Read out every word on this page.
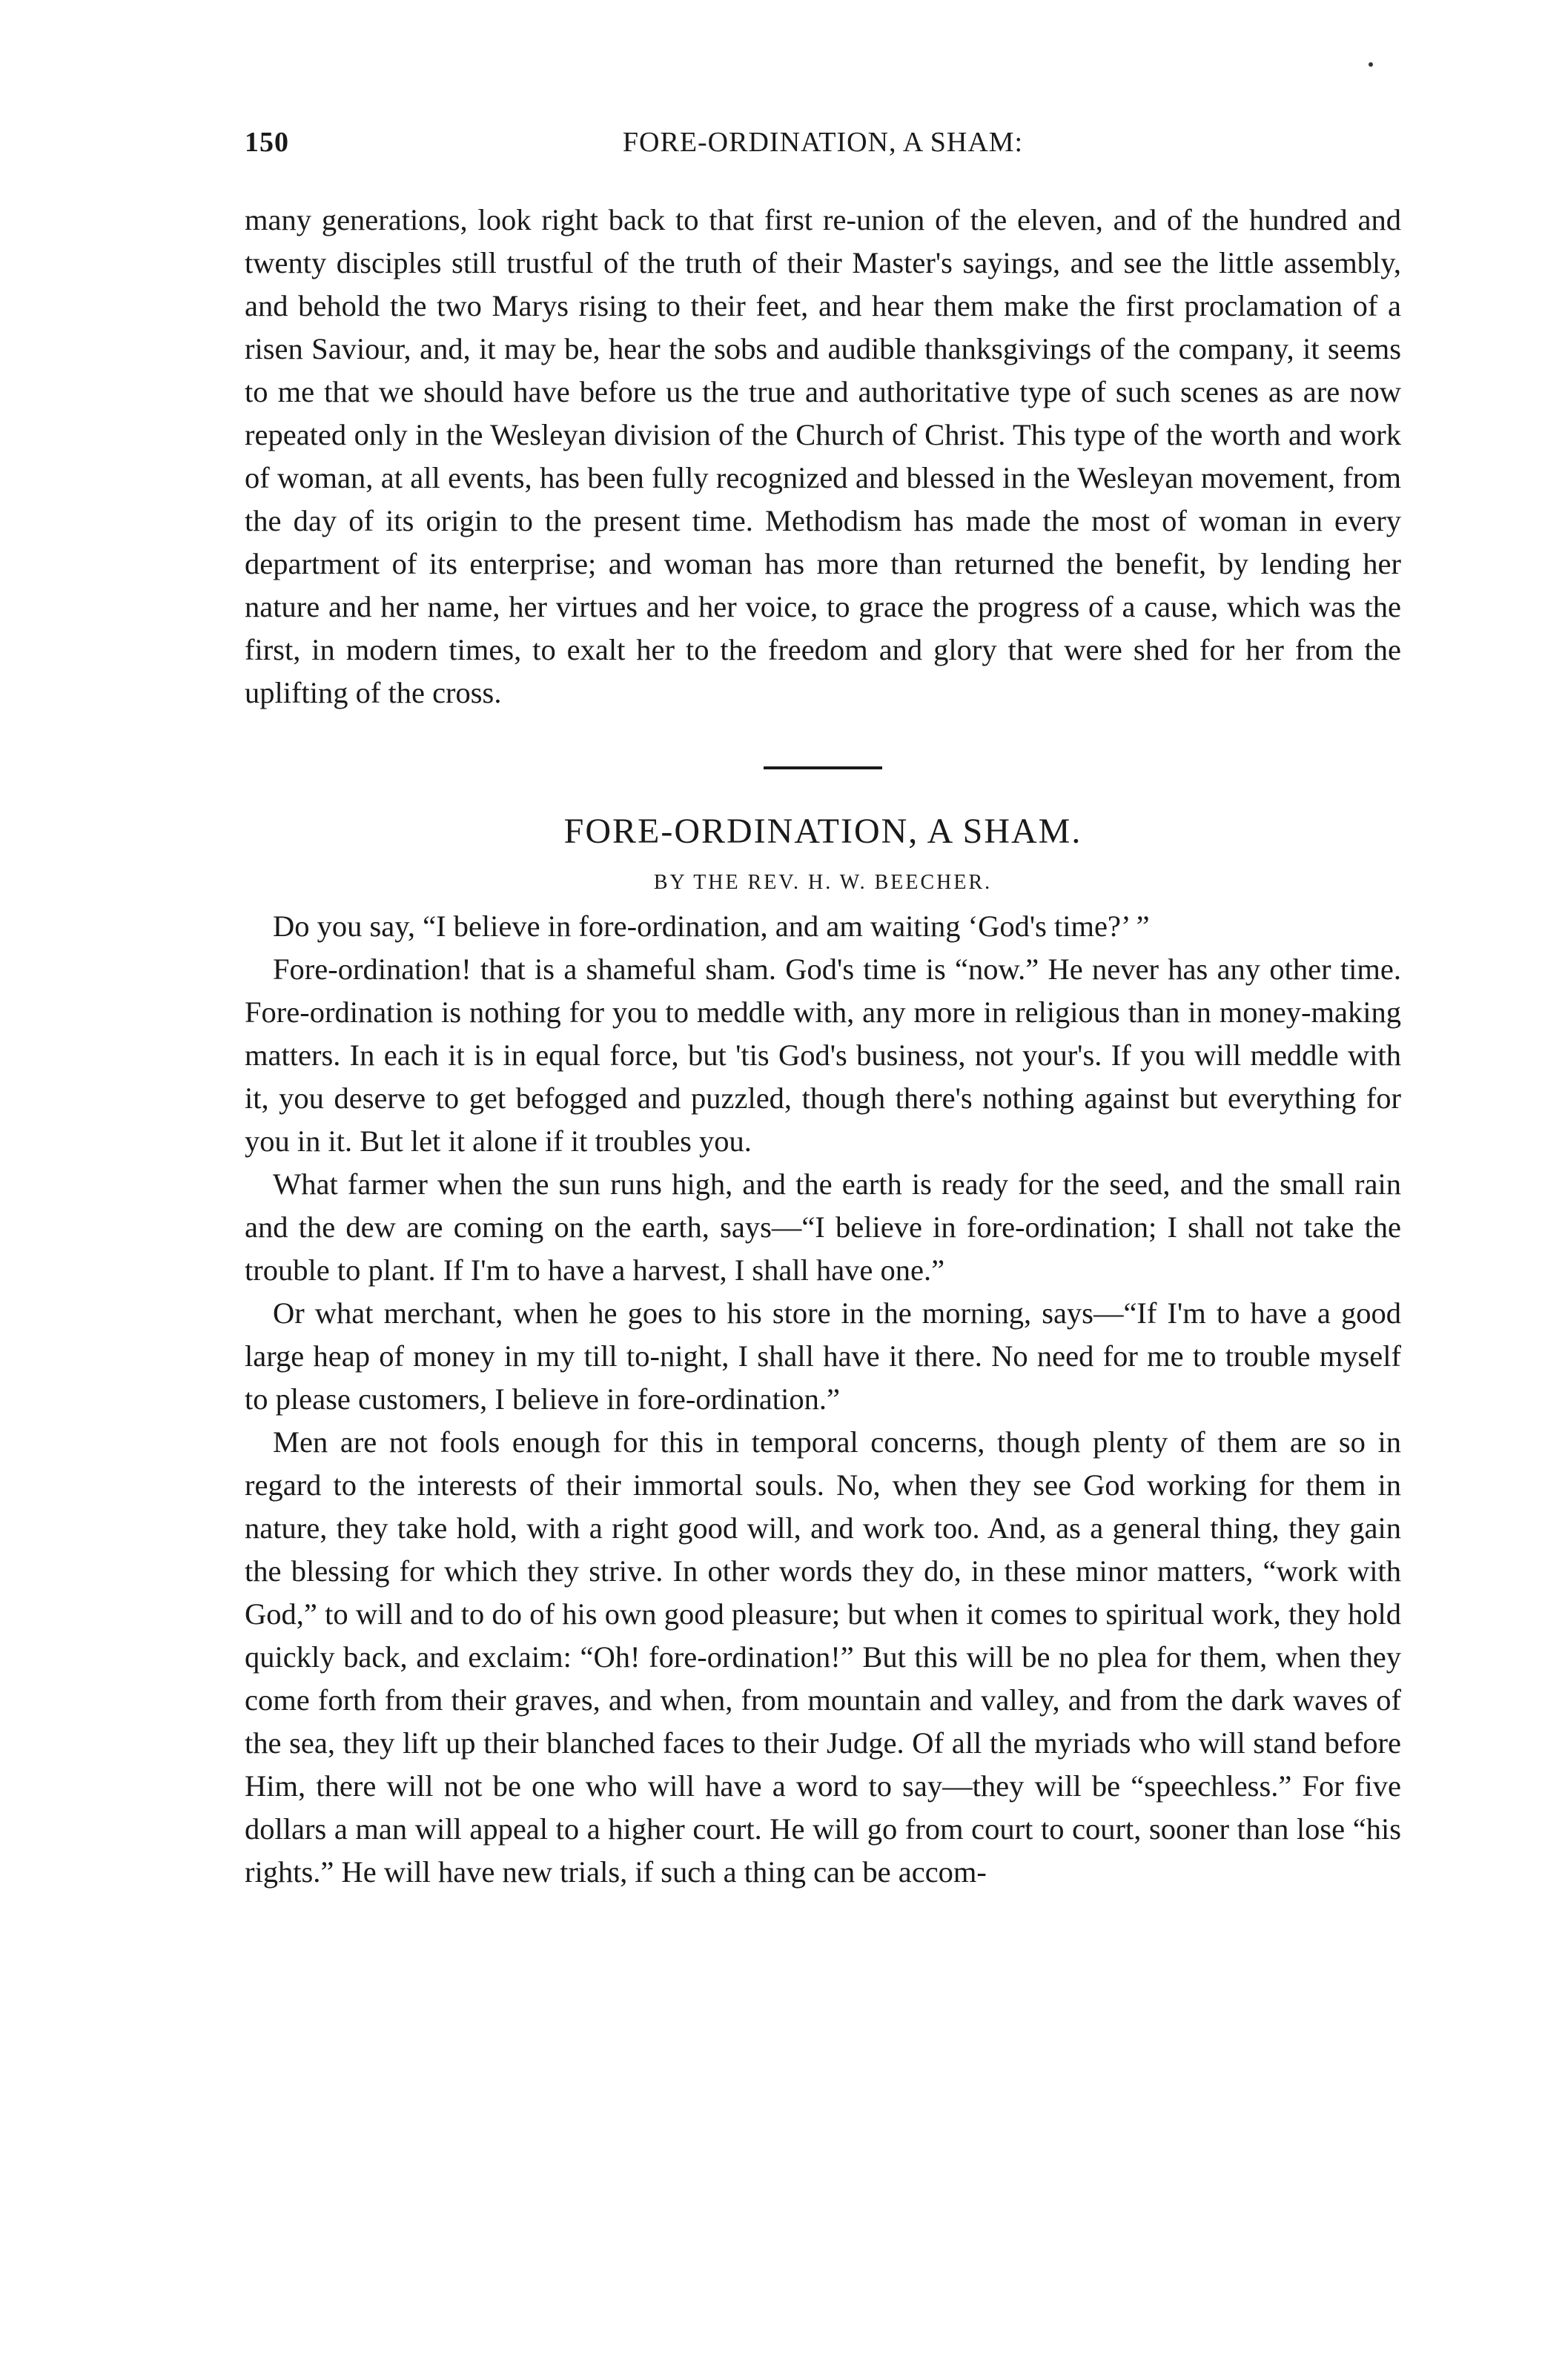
150	FORE-ORDINATION, A SHAM:

many generations, look right back to that first re-union of the eleven, and of the hundred and twenty disciples still trustful of the truth of their Master's sayings, and see the little assembly, and behold the two Marys rising to their feet, and hear them make the first proclamation of a risen Saviour, and, it may be, hear the sobs and audible thanksgivings of the company, it seems to me that we should have before us the true and authoritative type of such scenes as are now repeated only in the Wesleyan division of the Church of Christ. This type of the worth and work of woman, at all events, has been fully recognized and blessed in the Wesleyan movement, from the day of its origin to the present time. Methodism has made the most of woman in every department of its enterprise; and woman has more than returned the benefit, by lending her nature and her name, her virtues and her voice, to grace the progress of a cause, which was the first, in modern times, to exalt her to the freedom and glory that were shed for her from the uplifting of the cross.

FORE-ORDINATION, A SHAM.
BY THE REV. H. W. BEECHER.

Do you say, “I believe in fore-ordination, and am waiting ‘God's time?’ ”

Fore-ordination! that is a shameful sham. God's time is “now.” He never has any other time. Fore-ordination is nothing for you to meddle with, any more in religious than in money-making matters. In each it is in equal force, but 'tis God's business, not your's. If you will meddle with it, you deserve to get befogged and puzzled, though there's nothing against but everything for you in it. But let it alone if it troubles you.

What farmer when the sun runs high, and the earth is ready for the seed, and the small rain and the dew are coming on the earth, says—“I believe in fore-ordination; I shall not take the trouble to plant. If I'm to have a harvest, I shall have one.”

Or what merchant, when he goes to his store in the morning, says—“If I'm to have a good large heap of money in my till to-night, I shall have it there. No need for me to trouble myself to please customers, I believe in fore-ordination.”

Men are not fools enough for this in temporal concerns, though plenty of them are so in regard to the interests of their immortal souls. No, when they see God working for them in nature, they take hold, with a right good will, and work too. And, as a general thing, they gain the blessing for which they strive. In other words they do, in these minor matters, “work with God,” to will and to do of his own good pleasure; but when it comes to spiritual work, they hold quickly back, and exclaim: “Oh! fore-ordination!” But this will be no plea for them, when they come forth from their graves, and when, from mountain and valley, and from the dark waves of the sea, they lift up their blanched faces to their Judge. Of all the myriads who will stand before Him, there will not be one who will have a word to say—they will be “speechless.” For five dollars a man will appeal to a higher court. He will go from court to court, sooner than lose “his rights.” He will have new trials, if such a thing can be accom-
